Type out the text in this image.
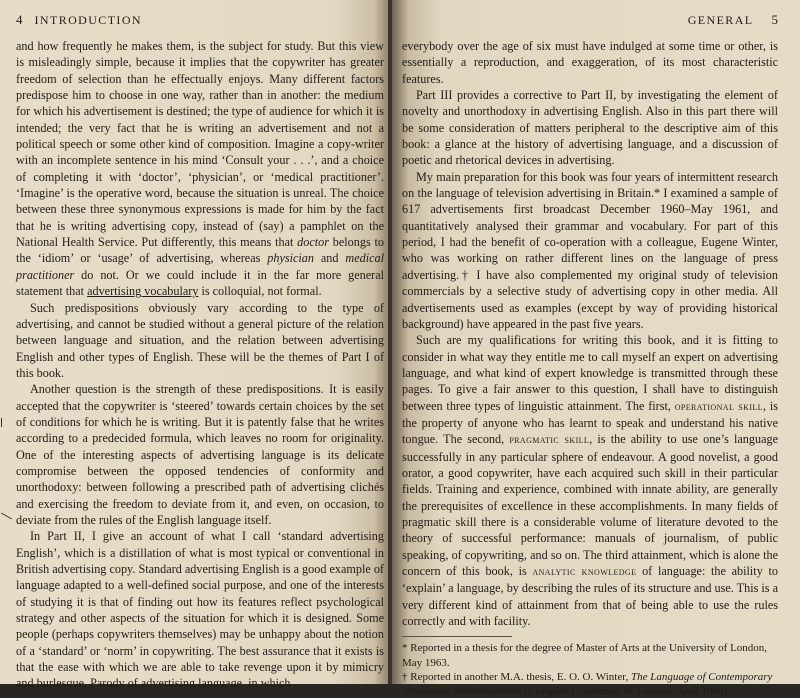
4 INTRODUCTION

and how frequently he makes them, is the subject for study. But this view is misleadingly simple, because it implies that the copywriter has greater freedom of selection than he effectually enjoys. Many different factors predispose him to choose in one way, rather than in another: the medium for which his advertisement is destined; the type of audience for which it is intended; the very fact that he is writing an advertisement and not a political speech or some other kind of composition. Imagine a copy-writer with an incomplete sentence in his mind ‘Consult your . . .’, and a choice of completing it with ‘doctor’, ‘physician’, or ‘medical practitioner’. ‘Imagine’ is the operative word, because the situation is unreal. The choice between these three synonymous expressions is made for him by the fact that he is writing advertising copy, instead of (say) a pamphlet on the National Health Service. Put differently, this means that doctor belongs to the ‘idiom’ or ‘usage’ of advertising, whereas physician and medical practitioner do not. Or we could include it in the far more general statement that advertising vocabulary is colloquial, not formal.

Such predispositions obviously vary according to the type of advertising, and cannot be studied without a general picture of the relation between language and situation, and the relation between advertising English and other types of English. These will be the themes of Part I of this book.

Another question is the strength of these predispositions. It is easily accepted that the copywriter is ‘steered’ towards certain choices by the set of conditions for which he is writing. But it is patently false that he writes according to a predecided formula, which leaves no room for originality. One of the interesting aspects of advertising language is its delicate compromise between the opposed tendencies of conformity and unorthodoxy: between following a prescribed path of advertising clichés and exercising the freedom to deviate from it, and even, on occasion, to deviate from the rules of the English language itself.

In Part II, I give an account of what I call ‘standard advertising English’, which is a distillation of what is most typical or conventional in British advertising copy. Standard advertising English is a good example of language adapted to a well-defined social purpose, and one of the interests of studying it is that of finding out how its features reflect psychological strategy and other aspects of the situation for which it is designed. Some people (perhaps copywriters themselves) may be unhappy about the notion of a ‘standard’ or ‘norm’ in copywriting. The best assurance that it exists is that the ease with which we are able to take revenge upon it by mimicry and burlesque. Parody of advertising language, in which

GENERAL 5

everybody over the age of six must have indulged at some time or other, is essentially a reproduction, and exaggeration, of its most characteristic features.

Part III provides a corrective to Part II, by investigating the element of novelty and unorthodoxy in advertising English. Also in this part there will be some consideration of matters peripheral to the descriptive aim of this book: a glance at the history of advertising language, and a discussion of poetic and rhetorical devices in advertising.

My main preparation for this book was four years of intermittent research on the language of television advertising in Britain.* I examined a sample of 617 advertisements first broadcast December 1960–May 1961, and quantitatively analysed their grammar and vocabulary. For part of this period, I had the benefit of co-operation with a colleague, Eugene Winter, who was working on rather different lines on the language of press advertising.† I have also complemented my original study of television commercials by a selective study of advertising copy in other media. All advertisements used as examples (except by way of providing historical background) have appeared in the past five years.

Such are my qualifications for writing this book, and it is fitting to consider in what way they entitle me to call myself an expert on advertising language, and what kind of expert knowledge is transmitted through these pages. To give a fair answer to this question, I shall have to distinguish between three types of linguistic attainment. The first, operational skill, is the property of anyone who has learnt to speak and understand his native tongue. The second, pragmatic skill, is the ability to use one’s language successfully in any particular sphere of endeavour. A good novelist, a good orator, a good copywriter, have each acquired such skill in their particular fields. Training and experience, combined with innate ability, are generally the prerequisites of excellence in these accomplishments. In many fields of pragmatic skill there is a considerable volume of literature devoted to the theory of successful performance: manuals of journalism, of public speaking, of copywriting, and so on. The third attainment, which is alone the concern of this book, is analytic knowledge of language: the ability to ‘explain’ a language, by describing the rules of its structure and use. This is a very different kind of attainment from that of being able to use the rules correctly and with facility.

* Reported in a thesis for the degree of Master of Arts at the University of London, May 1963.

† Reported in another M.A. thesis, E. O. O. Winter, The Language of Contemporary Newspaper Advertisements in English (University of London, April 1964).
